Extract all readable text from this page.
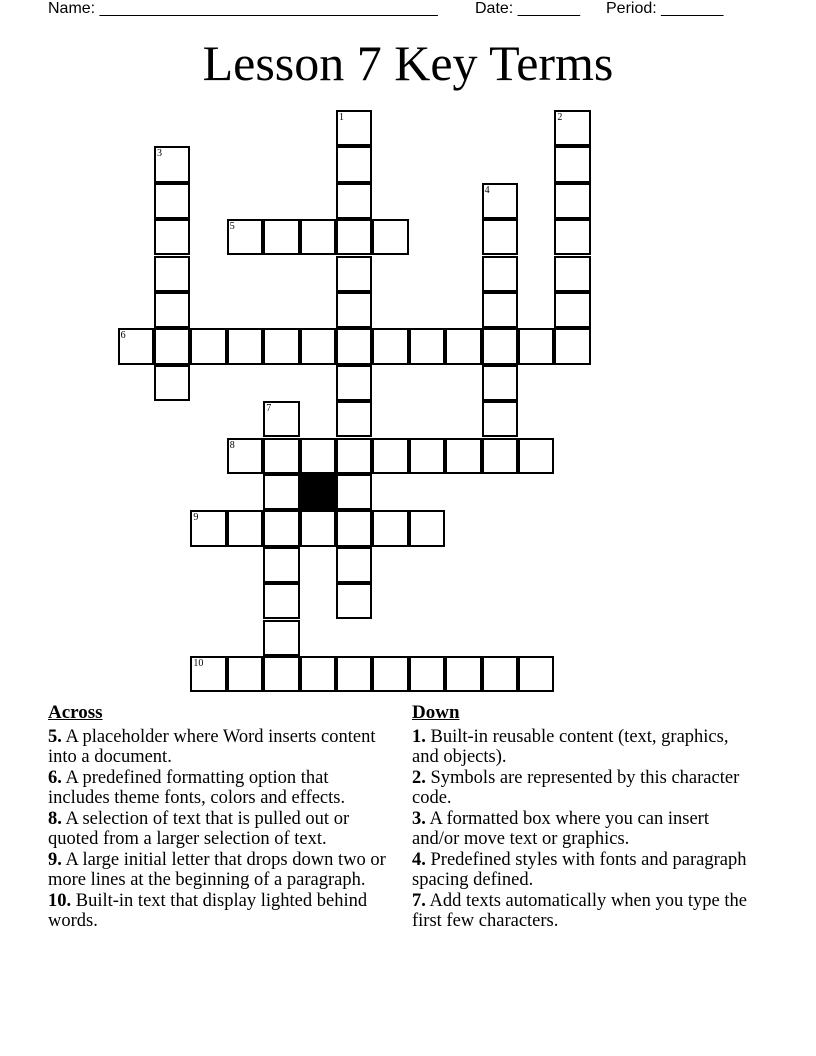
Name: ______________________________________ Date: _______ Period: _______
Lesson 7 Key Terms
1	2
3
4
5
6
7
8
9
10
Across
5. A placeholder where Word inserts content into a document.
6. A predefined formatting option that includes theme fonts, colors and effects.
8. A selection of text that is pulled out or quoted from a larger selection of text.
9. A large initial letter that drops down two or more lines at the beginning of a paragraph.
10. Built-in text that display lighted behind words.
Down
1. Built-in reusable content (text, graphics, and objects).
2. Symbols are represented by this character code.
3. A formatted box where you can insert and/or move text or graphics.
4. Predefined styles with fonts and paragraph spacing defined.
7. Add texts automatically when you type the first few characters.
